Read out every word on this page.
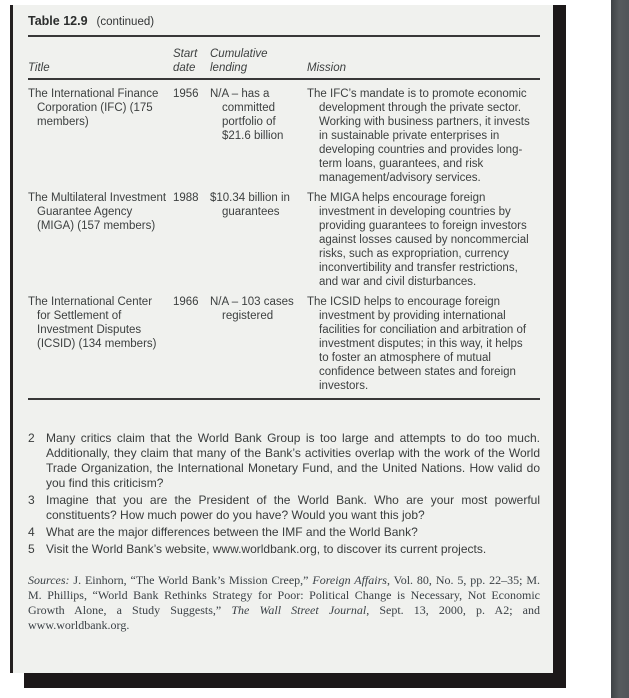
Table 12.9 (continued)
Title
Start date
Cumulative lending	Mission
The International Finance Corporation (IFC) (175 members)
1956 N/A – has a committed portfolio of $21.6 billion
The IFC’s mandate is to promote economic development through the private sector. Working with business partners, it invests in sustainable private enterprises in developing countries and provides long-term loans, guarantees, and risk management/advisory services.
The Multilateral Investment Guarantee Agency (MIGA) (157 members)
1988 $10.34 billion in guarantees
The MIGA helps encourage foreign investment in developing countries by providing guarantees to foreign investors against losses caused by noncommercial risks, such as expropriation, currency inconvertibility and transfer restrictions, and war and civil disturbances.
The International Center for Settlement of Investment Disputes (ICSID) (134 members)
1966 N/A – 103 cases registered
The ICSID helps to encourage foreign investment by providing international facilities for conciliation and arbitration of investment disputes; in this way, it helps to foster an atmosphere of mutual confidence between states and foreign investors.
2 Many critics claim that the World Bank Group is too large and attempts to do too much. Additionally, they claim that many of the Bank’s activities overlap with the work of the World Trade Organization, the International Monetary Fund, and the United Nations. How valid do you find this criticism?
3 Imagine that you are the President of the World Bank. Who are your most powerful constituents? How much power do you have? Would you want this job?
4 What are the major differences between the IMF and the World Bank?
5 Visit the World Bank’s website, www.worldbank.org, to discover its current projects.
Sources: J. Einhorn, “The World Bank’s Mission Creep,” Foreign Affairs, Vol. 80, No. 5, pp. 22–35; M. M. Phillips, “World Bank Rethinks Strategy for Poor: Political Change is Necessary, Not Economic Growth Alone, a Study Suggests,” The Wall Street Journal, Sept. 13, 2000, p. A2; and www.worldbank.org.
